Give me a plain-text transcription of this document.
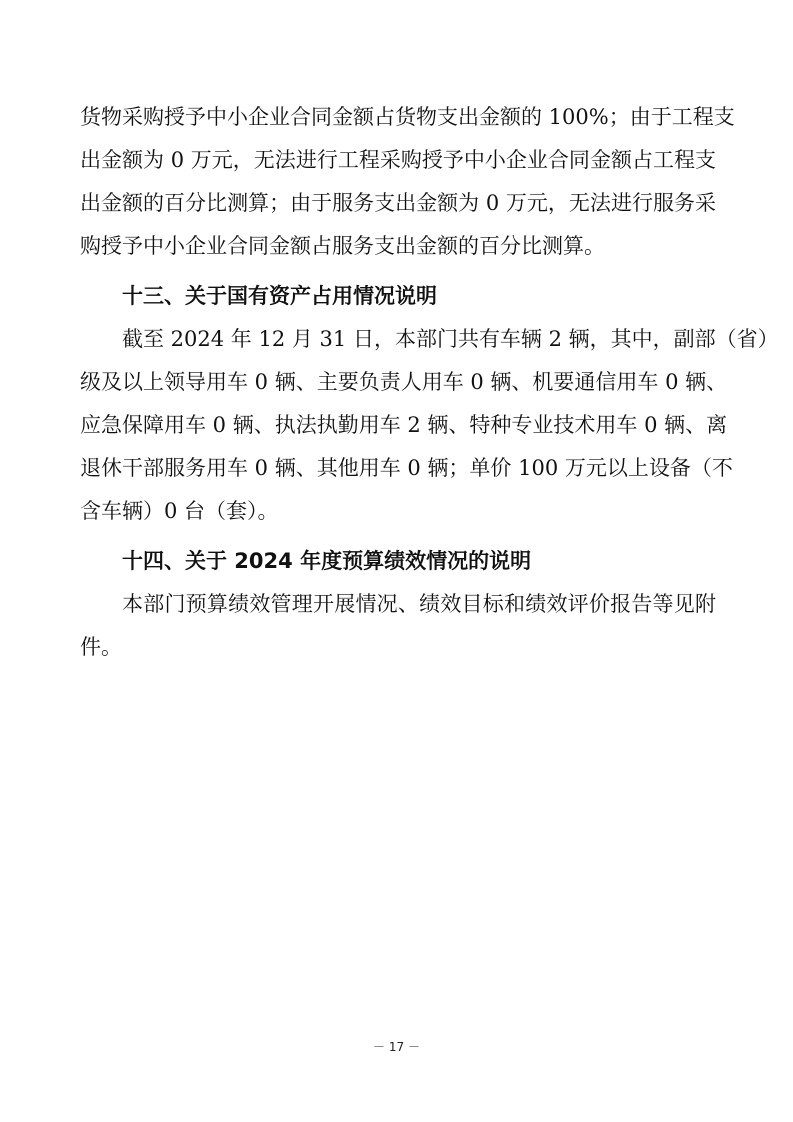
货物采购授予中小企业合同金额占货物支出金额的 100%；由于工程支
出金额为 0 万元，无法进行工程采购授予中小企业合同金额占工程支
出金额的百分比测算；由于服务支出金额为 0 万元，无法进行服务采
购授予中小企业合同金额占服务支出金额的百分比测算。
十三、关于国有资产占用情况说明
截至 2024 年 12 月 31 日，本部门共有车辆 2 辆，其中，副部（省）
级及以上领导用车 0 辆、主要负责人用车 0 辆、机要通信用车 0 辆、
应急保障用车 0 辆、执法执勤用车 2 辆、特种专业技术用车 0 辆、离
退休干部服务用车 0 辆、其他用车 0 辆；单价 100 万元以上设备（不
含车辆）0 台（套）。
十四、关于 2024 年度预算绩效情况的说明
本部门预算绩效管理开展情况、绩效目标和绩效评价报告等见附
件。
－ 17 －
